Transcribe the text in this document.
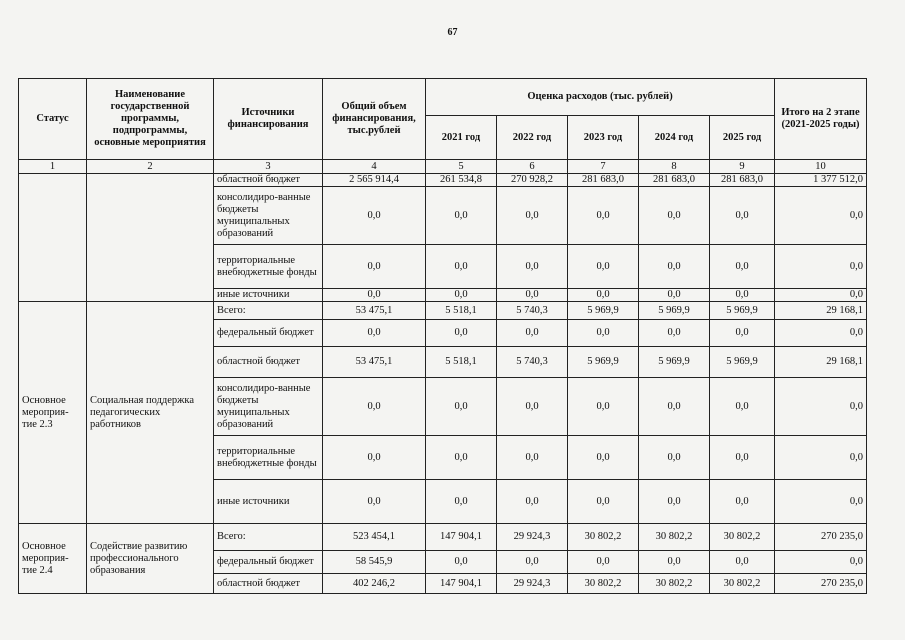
67
Статус	Наименование государственной программы, подпрограммы, основные мероприятия	Источники финансирования	Общий объем финансирования, тыс.рублей	Оценка расходов (тыс. рублей)					Итого на 2 этапе (2021-2025 годы)
				2021 год	2022 год	2023 год	2024 год	2025 год	
1	2	3	4	5	6	7	8	9	10
		областной бюджет	2 565 914,4	261 534,8	270 928,2	281 683,0	281 683,0	281 683,0	1 377 512,0
		консолидиро-ванные бюджеты муниципальных образований	0,0	0,0	0,0	0,0	0,0	0,0	0,0
		территориальные внебюджетные фонды	0,0	0,0	0,0	0,0	0,0	0,0	0,0
		иные источники	0,0	0,0	0,0	0,0	0,0	0,0	0,0
Основное мероприя-тие 2.3	Социальная поддержка педагогических работников	Всего:	53 475,1	5 518,1	5 740,3	5 969,9	5 969,9	5 969,9	29 168,1
		федеральный бюджет	0,0	0,0	0,0	0,0	0,0	0,0	0,0
		областной бюджет	53 475,1	5 518,1	5 740,3	5 969,9	5 969,9	5 969,9	29 168,1
		консолидиро-ванные бюджеты муниципальных образований	0,0	0,0	0,0	0,0	0,0	0,0	0,0
		территориальные внебюджетные фонды	0,0	0,0	0,0	0,0	0,0	0,0	0,0
		иные источники	0,0	0,0	0,0	0,0	0,0	0,0	0,0
Основное мероприя-тие 2.4	Содействие развитию профессионального образования	Всего:	523 454,1	147 904,1	29 924,3	30 802,2	30 802,2	30 802,2	270 235,0
		федеральный бюджет	58 545,9	0,0	0,0	0,0	0,0	0,0	0,0
		областной бюджет	402 246,2	147 904,1	29 924,3	30 802,2	30 802,2	30 802,2	270 235,0
